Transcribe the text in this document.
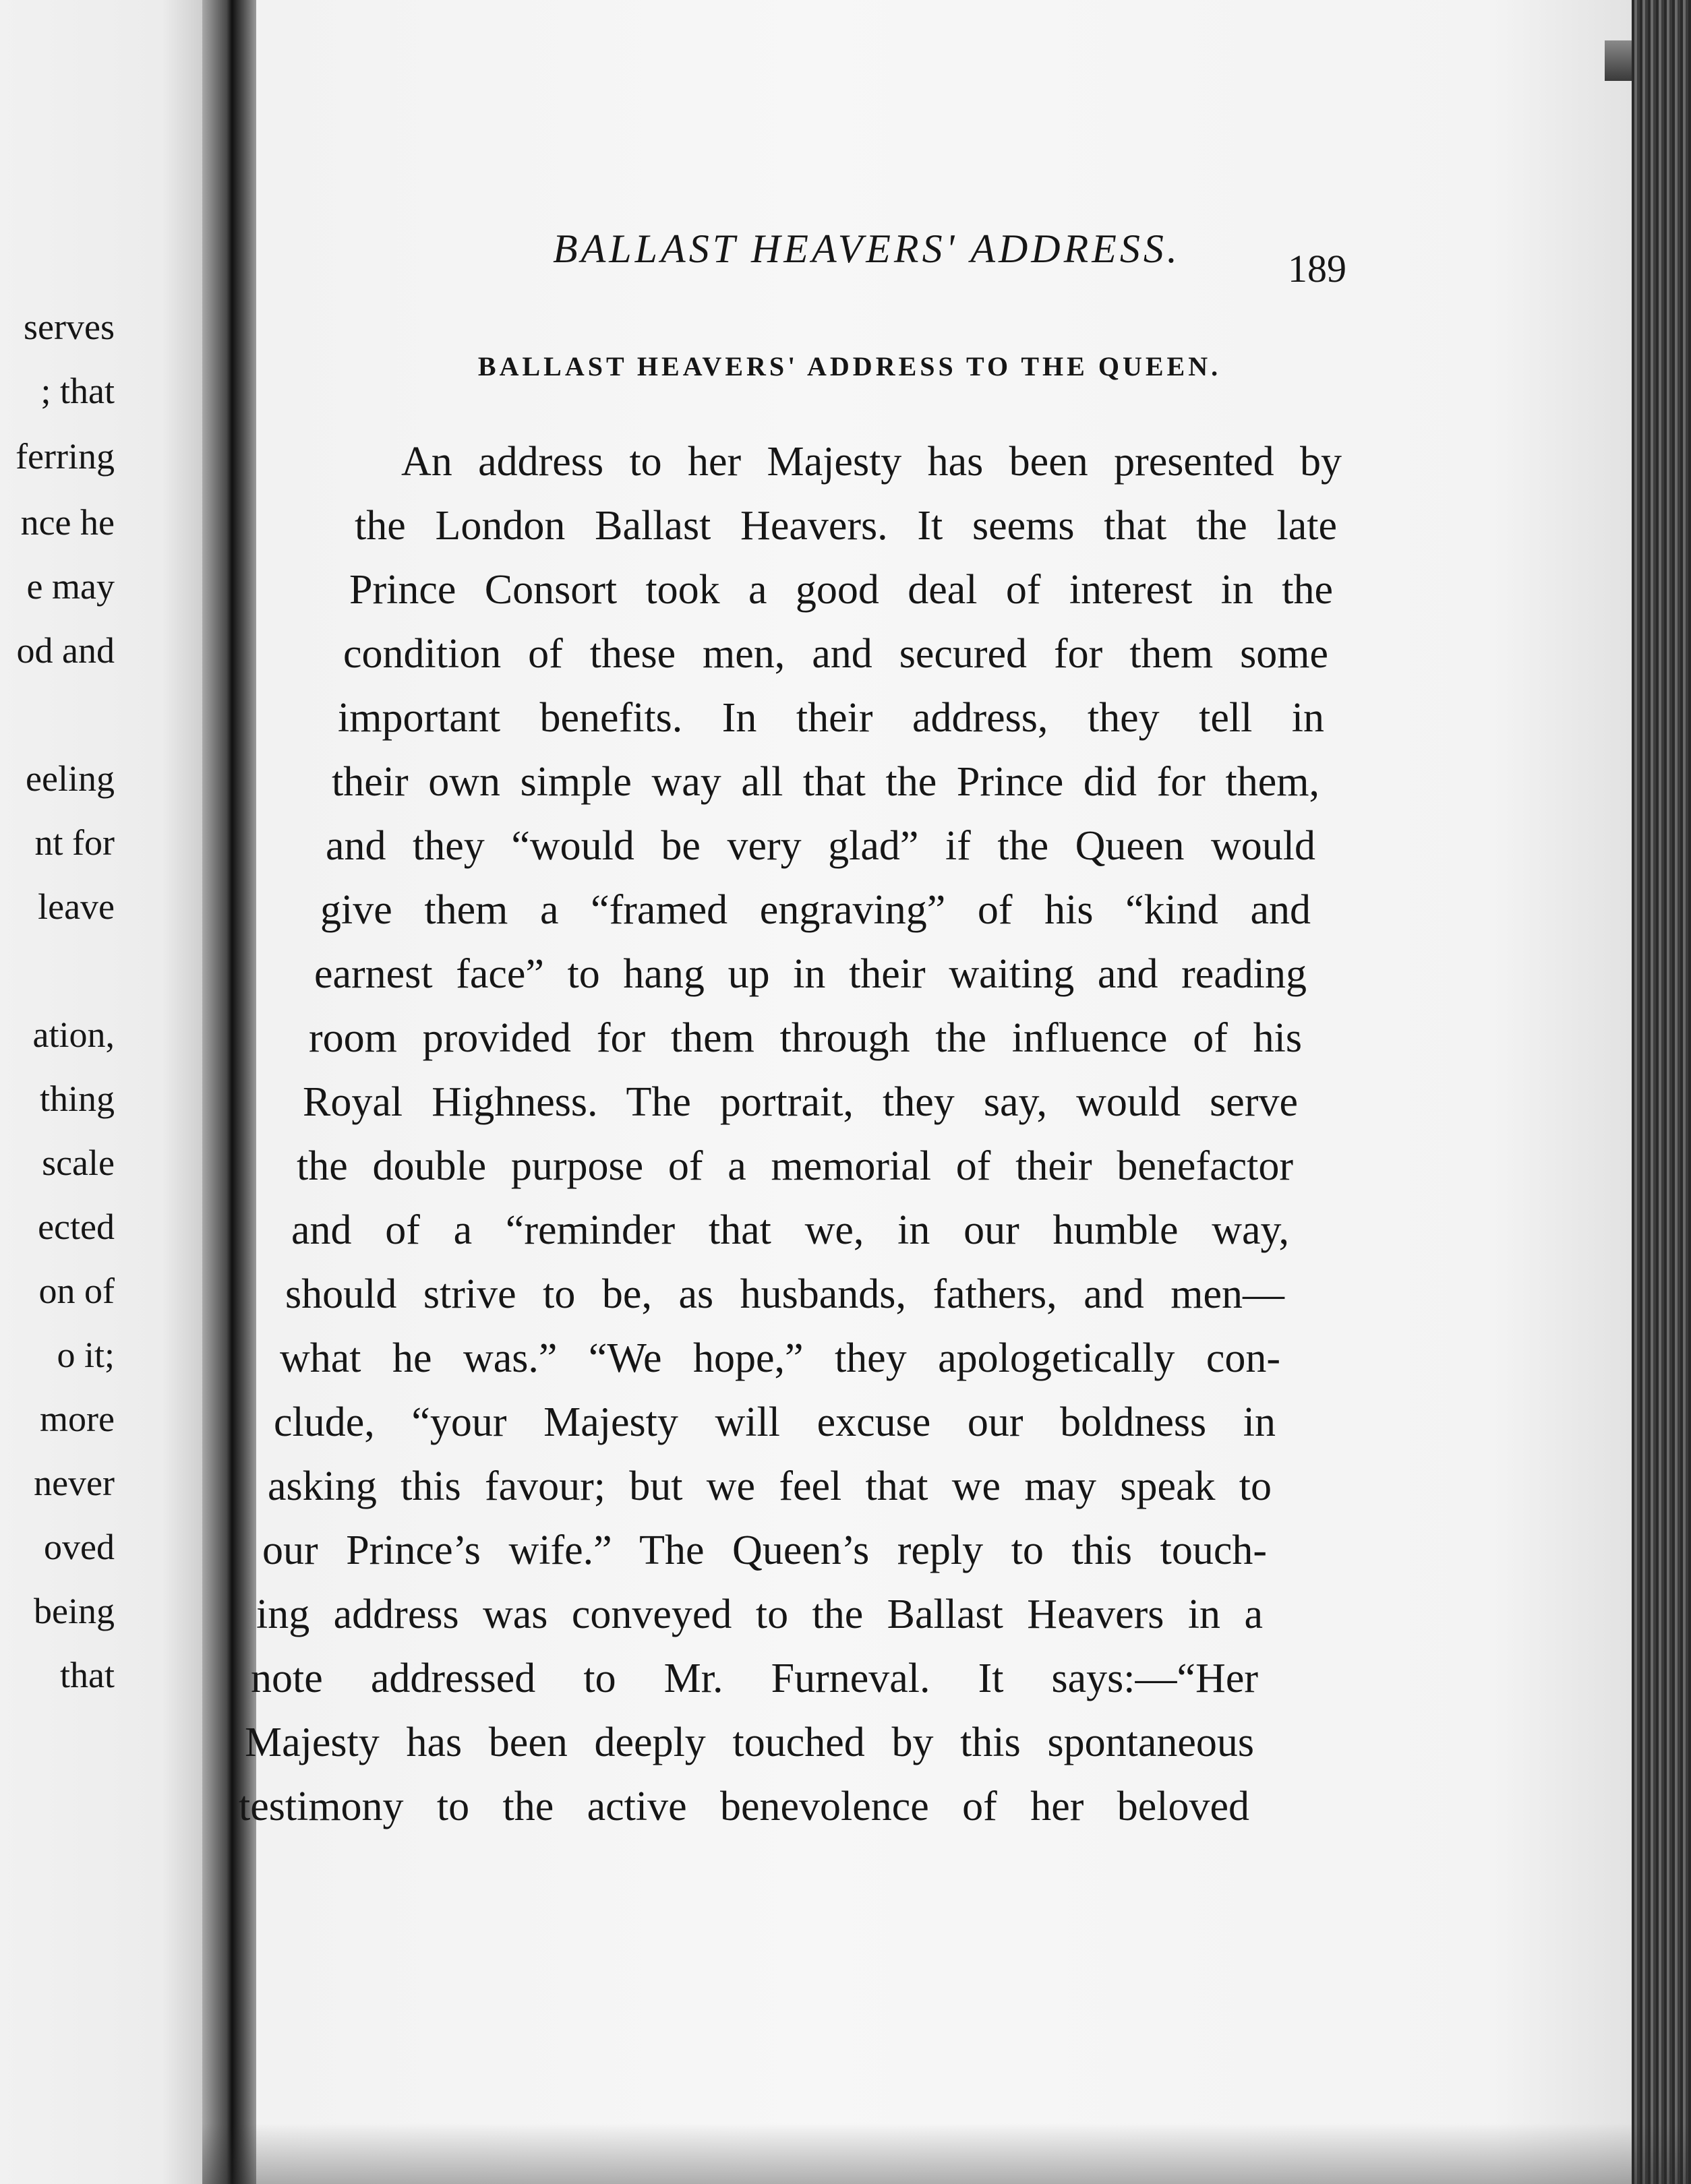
serves
; that
ferring
nce he
e may
od and
eeling
nt for
leave
ation,
thing
scale
ected
on of
o it;
more
never
oved
being
that
BALLAST HEAVERS' ADDRESS.	189
BALLAST HEAVERS' ADDRESS TO THE QUEEN.
An address to her Majesty has been presented by
the London Ballast Heavers. It seems that the late
Prince Consort took a good deal of interest in the
condition of these men, and secured for them some
important benefits. In their address, they tell in
their own simple way all that the Prince did for them,
and they “would be very glad” if the Queen would
give them a “framed engraving” of his “kind and
earnest face” to hang up in their waiting and reading
room provided for them through the influence of his
Royal Highness. The portrait, they say, would serve
the double purpose of a memorial of their benefactor
and of a “reminder that we, in our humble way,
should strive to be, as husbands, fathers, and men—
what he was.” “We hope,” they apologetically con-
clude, “your Majesty will excuse our boldness in
asking this favour; but we feel that we may speak to
our Prince’s wife.” The Queen’s reply to this touch-
ing address was conveyed to the Ballast Heavers in a
note addressed to Mr. Furneval. It says:—“Her
Majesty has been deeply touched by this spontaneous
testimony to the active benevolence of her beloved
